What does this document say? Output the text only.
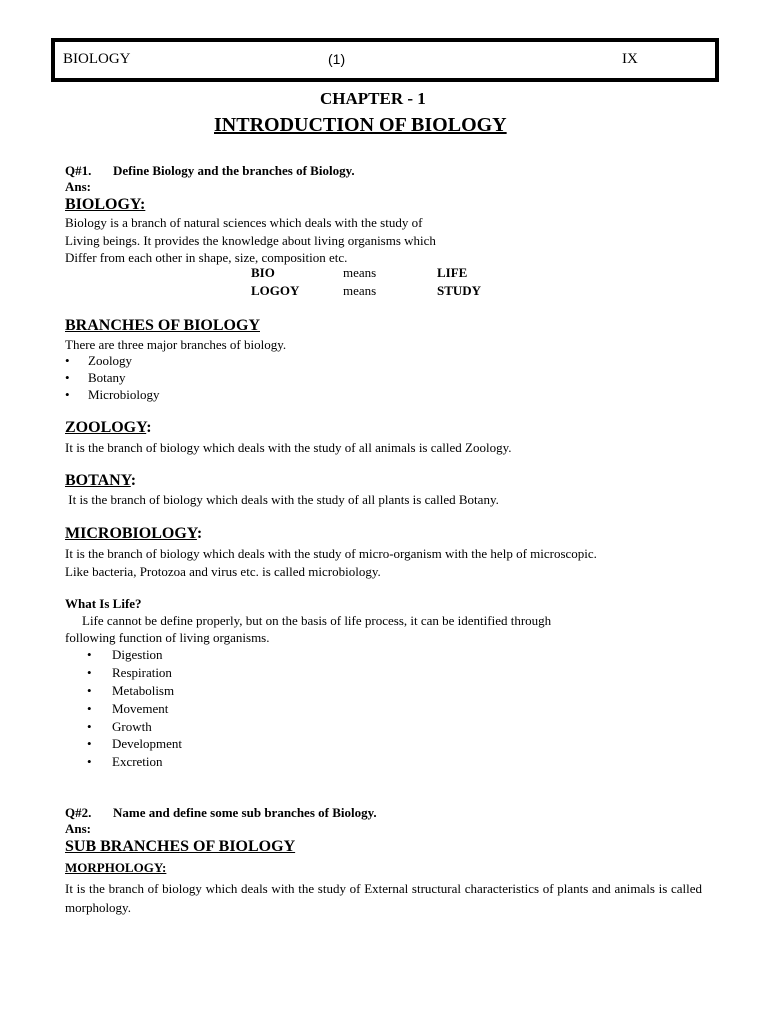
BIOLOGY	(1)	IX
CHAPTER - 1
INTRODUCTION OF BIOLOGY
Q#1. Define Biology and the branches of Biology.
Ans:
BIOLOGY:
Biology is a branch of natural sciences which deals with the study of
Living beings. It provides the knowledge about living organisms which
Differ from each other in shape, size, composition etc.
BIO	means	LIFE
LOGOY	means	STUDY
BRANCHES OF BIOLOGY
There are three major branches of biology.
• Zoology
• Botany
• Microbiology
ZOOLOGY:
It is the branch of biology which deals with the study of all animals is called Zoology.
BOTANY:
It is the branch of biology which deals with the study of all plants is called Botany.
MICROBIOLOGY:
It is the branch of biology which deals with the study of micro-organism with the help of microscopic.
Like bacteria, Protozoa and virus etc. is called microbiology.
What Is Life?
Life cannot be define properly, but on the basis of life process, it can be identified through
following function of living organisms.
• Digestion
• Respiration
• Metabolism
• Movement
• Growth
• Development
• Excretion
Q#2. Name and define some sub branches of Biology.
Ans:
SUB BRANCHES OF BIOLOGY
MORPHOLOGY:
It is the branch of biology which deals with the study of External structural characteristics of plants and animals is called morphology.
